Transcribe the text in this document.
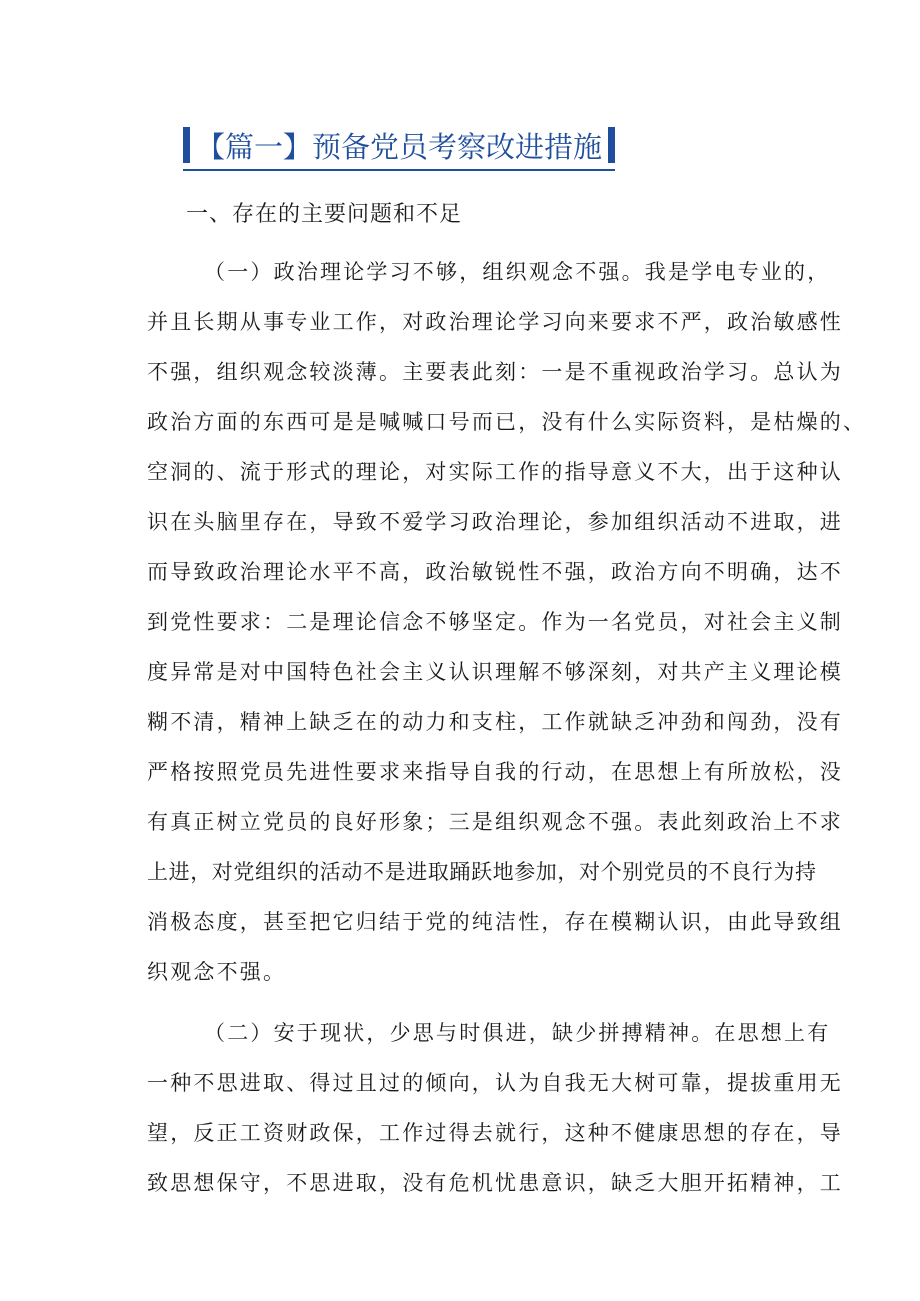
【篇一】预备党员考察改进措施
一、存在的主要问题和不足
（一）政治理论学习不够，组织观念不强。我是学电专业的，
并且长期从事专业工作，对政治理论学习向来要求不严，政治敏感性
不强，组织观念较淡薄。主要表此刻：一是不重视政治学习。总认为
政治方面的东西可是是喊喊口号而已，没有什么实际资料，是枯燥的、
空洞的、流于形式的理论，对实际工作的指导意义不大，出于这种认
识在头脑里存在，导致不爱学习政治理论，参加组织活动不进取，进
而导致政治理论水平不高，政治敏锐性不强，政治方向不明确，达不
到党性要求：二是理论信念不够坚定。作为一名党员，对社会主义制
度异常是对中国特色社会主义认识理解不够深刻，对共产主义理论模
糊不清，精神上缺乏在的动力和支柱，工作就缺乏冲劲和闯劲，没有
严格按照党员先进性要求来指导自我的行动，在思想上有所放松，没
有真正树立党员的良好形象；三是组织观念不强。表此刻政治上不求
上进，对党组织的活动不是进取踊跃地参加，对个别党员的不良行为持
消极态度，甚至把它归结于党的纯洁性，存在模糊认识，由此导致组
织观念不强。
（二）安于现状，少思与时俱进，缺少拼搏精神。在思想上有
一种不思进取、得过且过的倾向，认为自我无大树可靠，提拔重用无
望，反正工资财政保，工作过得去就行，这种不健康思想的存在，导
致思想保守，不思进取，没有危机忧患意识，缺乏大胆开拓精神，工
